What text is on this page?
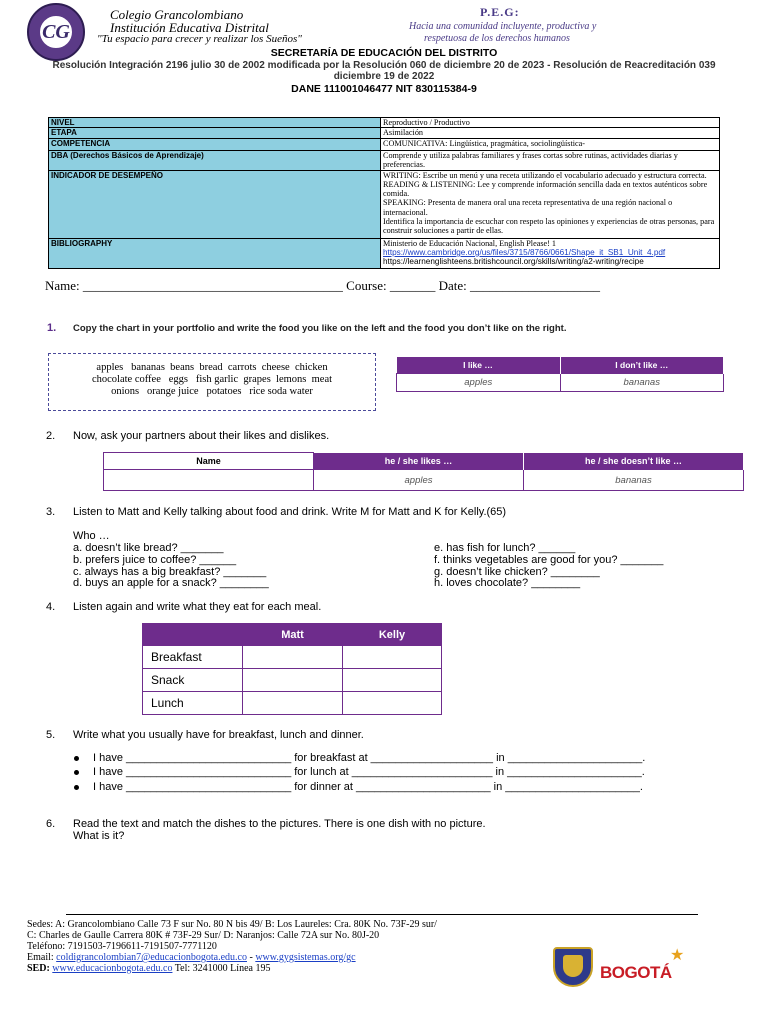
CG
Colegio Grancolombiano
Institución Educativa Distrital
"Tu espacio para crecer y realizar los Sueños"
P.E.G:
Hacia una comunidad incluyente, productiva y
respetuosa de los derechos humanos
SECRETARÍA DE EDUCACIÓN DEL DISTRITO
Resolución Integración 2196 julio 30 de 2002 modificada por la Resolución 060 de diciembre 20 de 2023 - Resolución de Reacreditación 039
diciembre 19 de 2022
DANE 111001046477 NIT 830115384-9
NIVEL	Reproductivo / Productivo
ETAPA	Asimilación
COMPETENCIA	COMUNICATIVA: Lingüística, pragmática, sociolingüística-
DBA (Derechos Básicos de Aprendizaje)	Comprende y utiliza palabras familiares y frases cortas sobre rutinas, actividades diarias y preferencias.
INDICADOR DE DESEMPEÑO	WRITING: Escribe un menú y una receta utilizando el vocabulario adecuado y estructura correcta.
READING & LISTENING: Lee y comprende información sencilla dada en textos auténticos sobre comida.
SPEAKING: Presenta de manera oral una receta representativa de una región nacional o internacional.
Identifica la importancia de escuchar con respeto las opiniones y experiencias de otras personas, para construir soluciones a partir de ellas.

BIBLIOGRAPHY	Ministerio de Educación Nacional, English Please! 1
https://www.cambridge.org/us/files/3715/8766/0661/Shape_it_SB1_Unit_4.pdf
https://learnenglishteens.britishcouncil.org/skills/writing/a2-writing/recipe
Name: ________________________________________ Course: _______ Date: ____________________
1. Copy the chart in your portfolio and write the food you like on the left and the food you don’t like on the right.
apples   bananas  beans  bread  carrots  cheese  chicken
chocolate coffee   eggs   fish garlic  grapes  lemons  meat
onions   orange juice   potatoes   rice soda water
I like …	I don’t like …
apples	bananas
2. Now, ask your partners about their likes and dislikes.
Name	he / she likes …	he / she doesn’t like …
	apples	bananas
3. Listen to Matt and Kelly talking about food and drink. Write M for Matt and K for Kelly.(65)
Who …
a. doesn’t like bread? _______
b. prefers juice to coffee? ______
c. always has a big breakfast? _______
d. buys an apple for a snack? ________
e. has fish for lunch? ______
f. thinks vegetables are good for you? _______
g. doesn’t like chicken? ________
h. loves chocolate? ________
4. Listen again and write what they eat for each meal.
	Matt	Kelly
Breakfast		
Snack		
Lunch		
5. Write what you usually have for breakfast, lunch and dinner.
I have ___________________________ for breakfast at ____________________ in ______________________.
I have ___________________________ for lunch at _______________________ in ______________________.
I have ___________________________ for dinner at ______________________ in ______________________.
6. Read the text and match the dishes to the pictures. There is one dish with no picture.
What is it?
Sedes: A: Grancolombiano Calle 73 F sur No. 80 N bis 49/ B: Los Laureles: Cra. 80K No. 73F-29 sur/
C: Charles de Gaulle Carrera 80K # 73F-29 Sur/ D: Naranjos: Calle 72A sur No. 80J-20
Teléfono: 7191503-7196611-7191507-7771120
Email: coldigrancolombian7@educacionbogota.edu.co - www.gygsistemas.org/gc
SED: www.educacionbogota.edu.co Tel: 3241000 Línea 195	BOGOTÁ
★
